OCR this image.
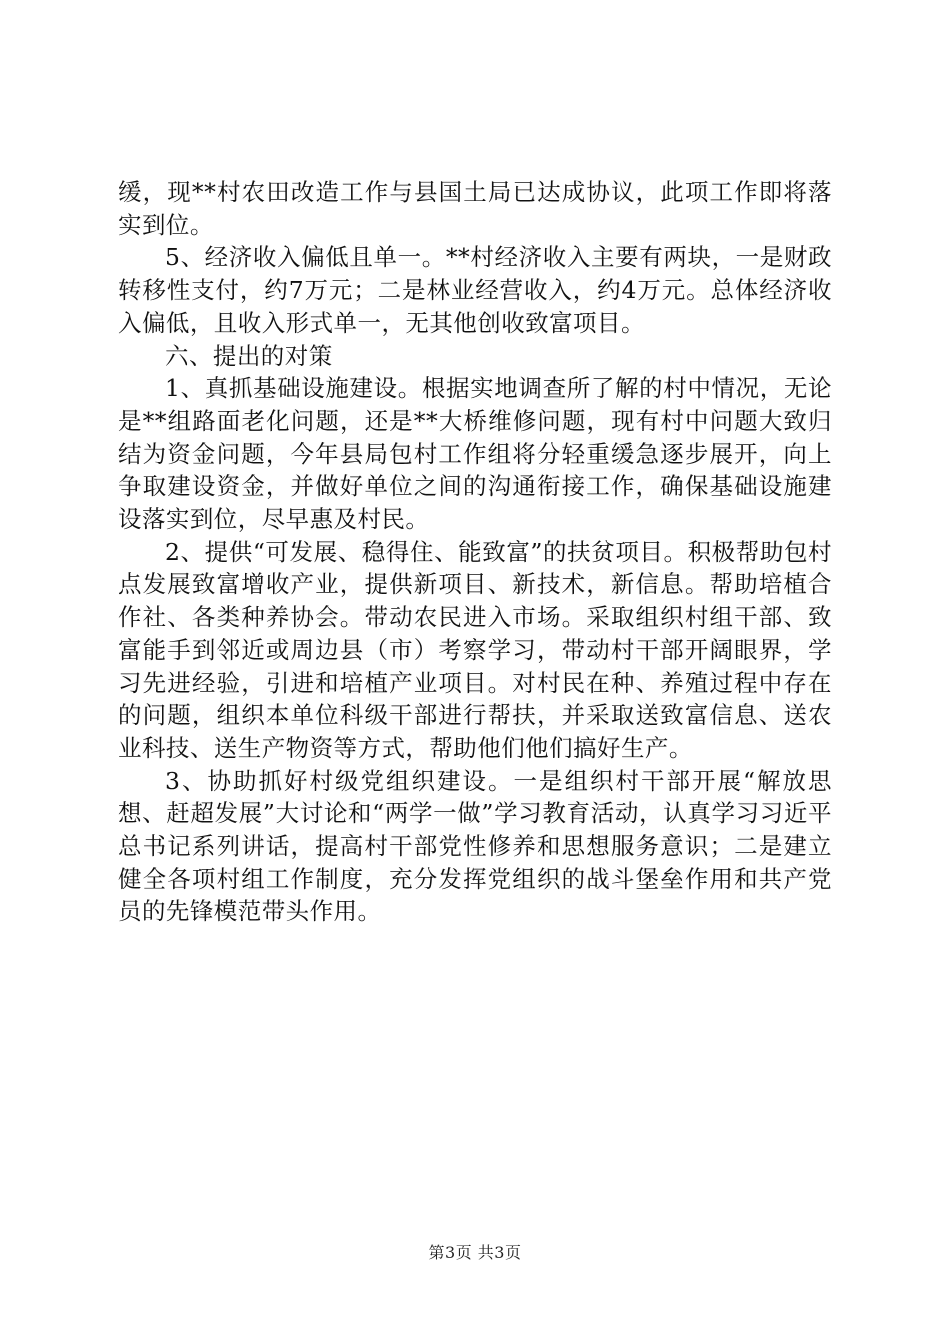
缓，现**村农田改造工作与县国土局已达成协议，此项工作即将落实到位。

5、经济收入偏低且单一。**村经济收入主要有两块，一是财政转移性支付，约7万元；二是林业经营收入，约4万元。总体经济收入偏低，且收入形式单一，无其他创收致富项目。

六、提出的对策

1、真抓基础设施建设。根据实地调查所了解的村中情况，无论是**组路面老化问题，还是**大桥维修问题，现有村中问题大致归结为资金问题，今年县局包村工作组将分轻重缓急逐步展开，向上争取建设资金，并做好单位之间的沟通衔接工作，确保基础设施建设落实到位，尽早惠及村民。

2、提供“可发展、稳得住、能致富”的扶贫项目。积极帮助包村点发展致富增收产业，提供新项目、新技术，新信息。帮助培植合作社、各类种养协会。带动农民进入市场。采取组织村组干部、致富能手到邻近或周边县（市）考察学习，带动村干部开阔眼界，学习先进经验，引进和培植产业项目。对村民在种、养殖过程中存在的问题，组织本单位科级干部进行帮扶，并采取送致富信息、送农业科技、送生产物资等方式，帮助他们他们搞好生产。

3、协助抓好村级党组织建设。一是组织村干部开展“解放思想、赶超发展”大讨论和“两学一做”学习教育活动，认真学习习近平总书记系列讲话，提高村干部党性修养和思想服务意识；二是建立健全各项村组工作制度，充分发挥党组织的战斗堡垒作用和共产党员的先锋模范带头作用。

第3页 共3页
